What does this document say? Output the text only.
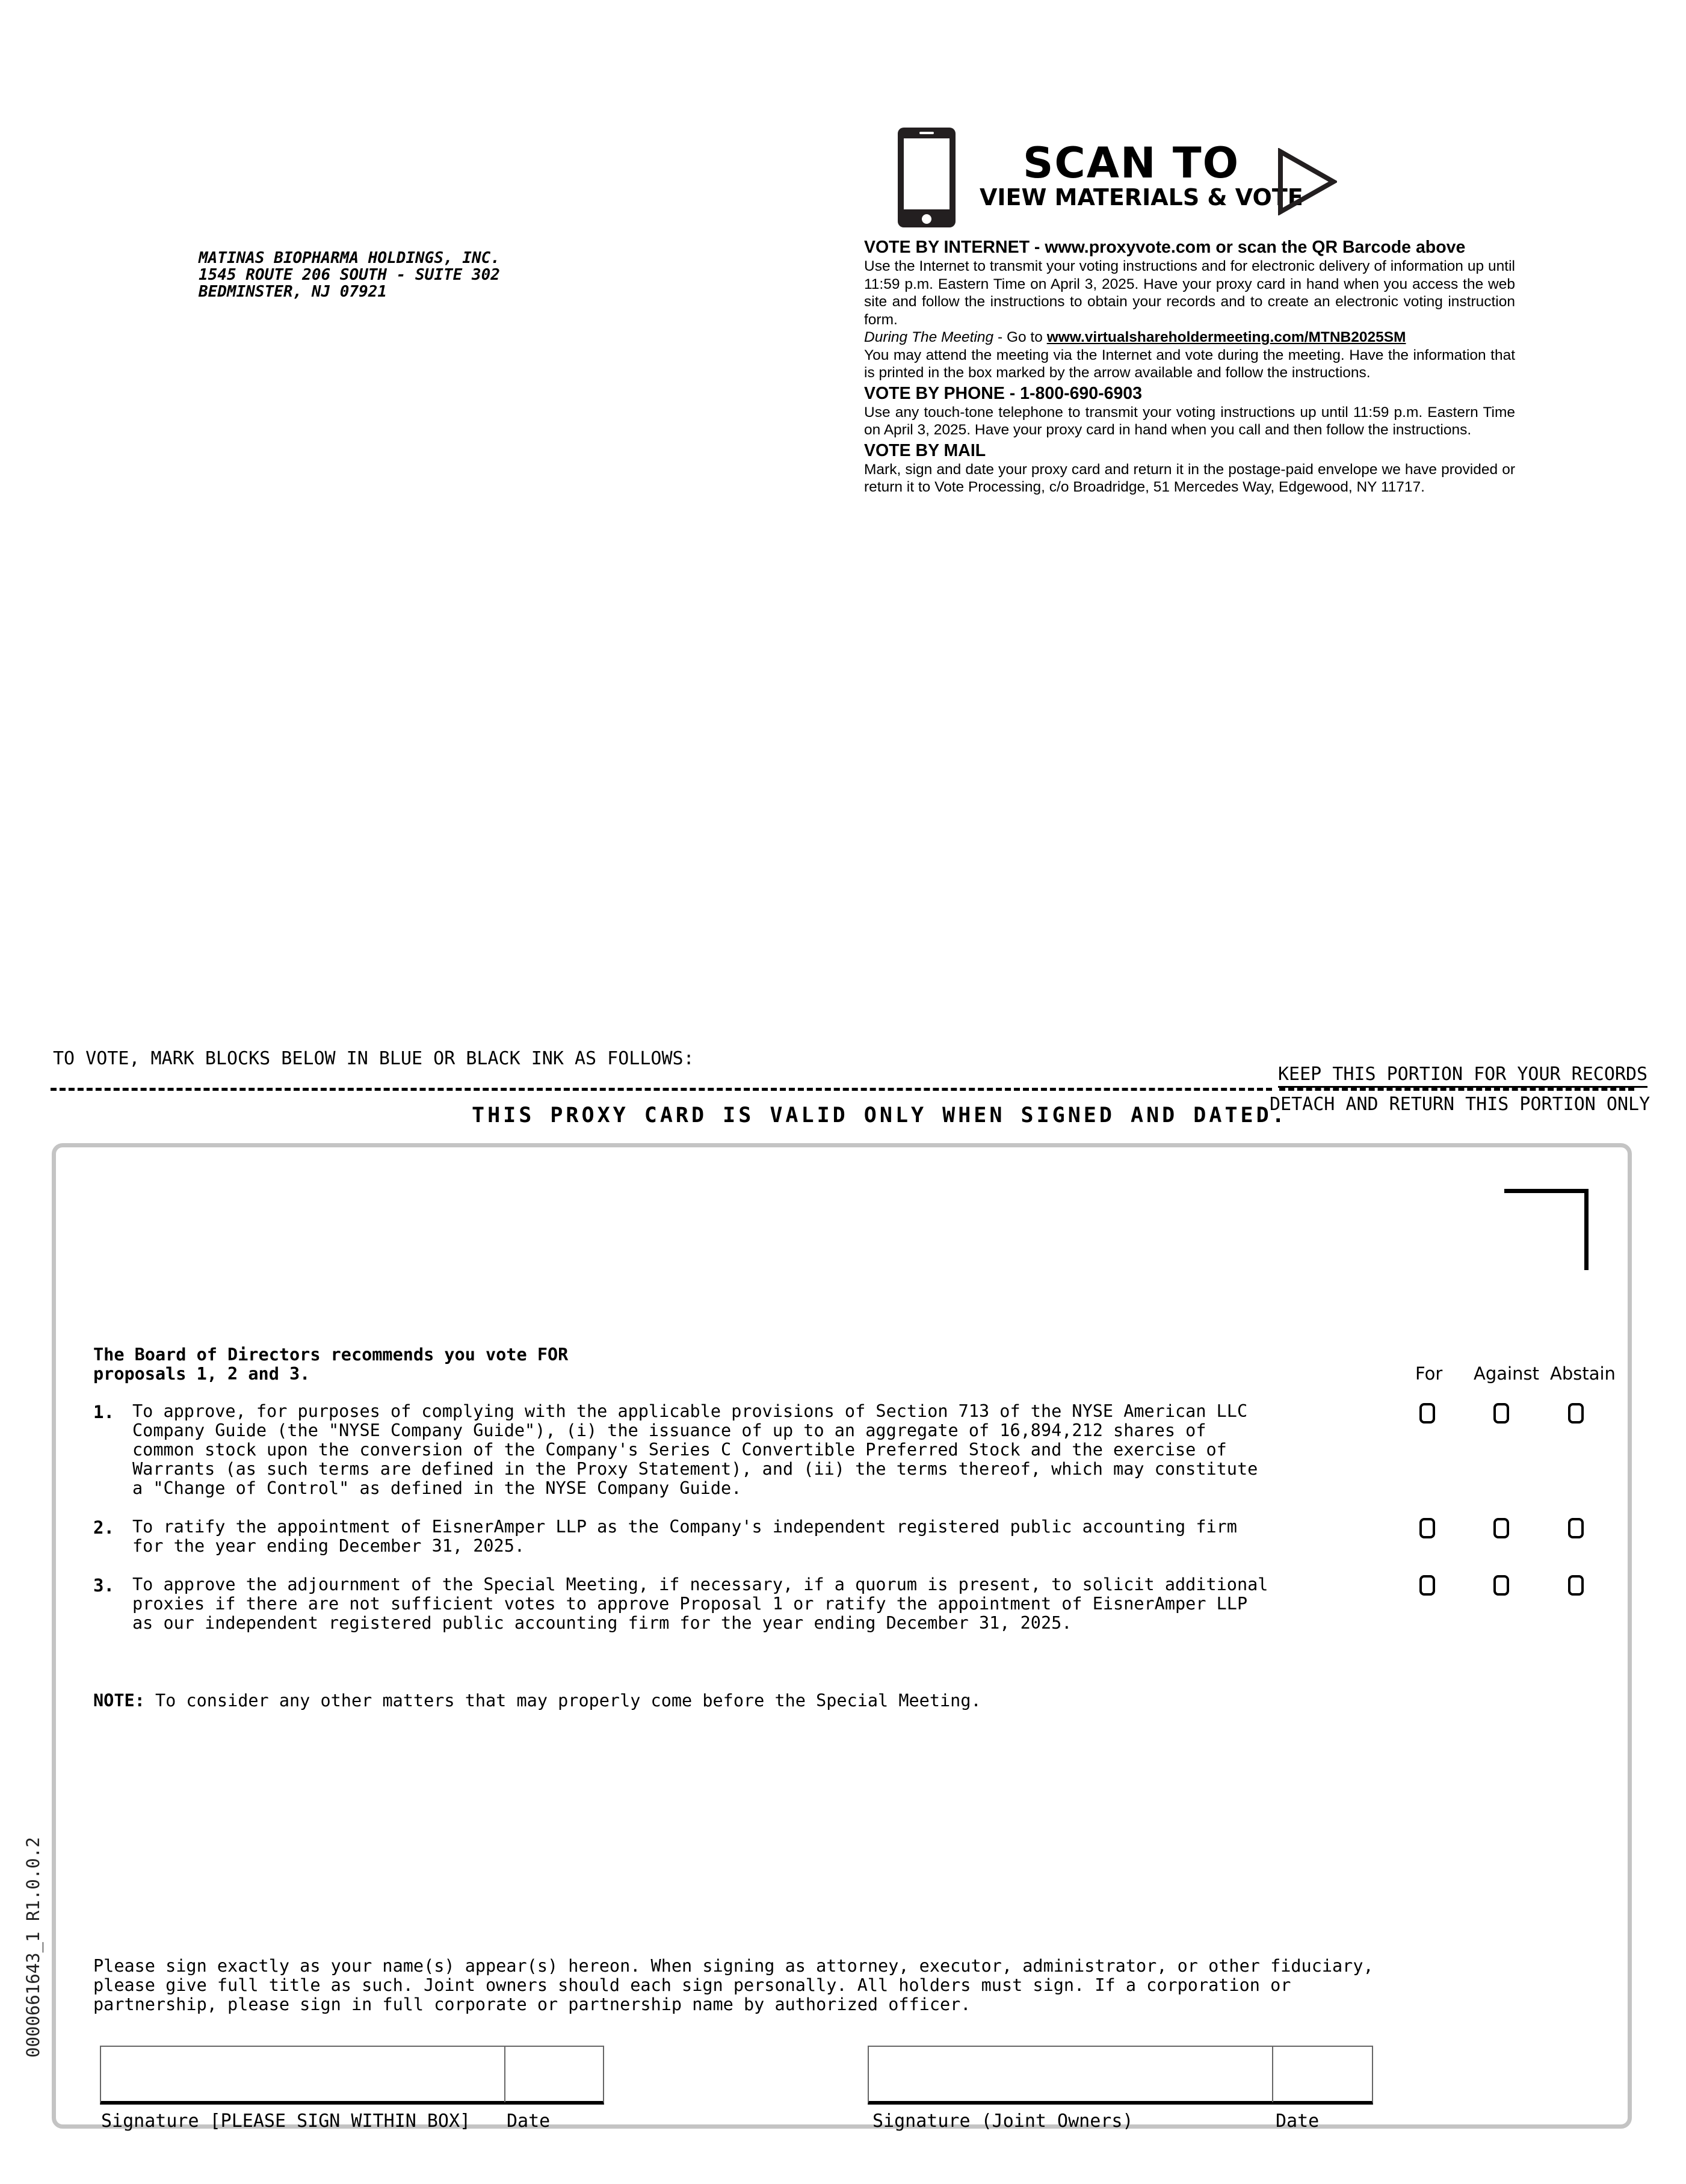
MATINAS BIOPHARMA HOLDINGS, INC.
1545 ROUTE 206 SOUTH - SUITE 302
BEDMINSTER, NJ 07921
SCAN TO
VIEW MATERIALS & VOTE
VOTE BY INTERNET - www.proxyvote.com or scan the QR Barcode above

Use the Internet to transmit your voting instructions and for electronic delivery of information up until 11:59 p.m. Eastern Time on April 3, 2025. Have your proxy card in hand when you access the web site and follow the instructions to obtain your records and to create an electronic voting instruction form.

During The Meeting - Go to www.virtualshareholdermeeting.com/MTNB2025SM

You may attend the meeting via the Internet and vote during the meeting. Have the information that is printed in the box marked by the arrow available and follow the instructions.

VOTE BY PHONE - 1-800-690-6903

Use any touch-tone telephone to transmit your voting instructions up until 11:59 p.m. Eastern Time on April 3, 2025. Have your proxy card in hand when you call and then follow the instructions.

VOTE BY MAIL

Mark, sign and date your proxy card and return it in the postage-paid envelope we have provided or return it to Vote Processing, c/o Broadridge, 51 Mercedes Way, Edgewood, NY 11717.

TO VOTE, MARK BLOCKS BELOW IN BLUE OR BLACK INK AS FOLLOWS:
KEEP THIS PORTION FOR YOUR RECORDS
DETACH AND RETURN THIS PORTION ONLY
THIS PROXY CARD IS VALID ONLY WHEN SIGNED AND DATED.
The Board of Directors recommends you vote FOR
proposals 1, 2 and 3.	For Against Abstain
1. To approve, for purposes of complying with the applicable provisions of Section 713 of the NYSE American LLC
Company Guide (the "NYSE Company Guide"), (i) the issuance of up to an aggregate of 16,894,212 shares of
common stock upon the conversion of the Company's Series C Convertible Preferred Stock and the exercise of
Warrants (as such terms are defined in the Proxy Statement), and (ii) the terms thereof, which may constitute
a "Change of Control" as defined in the NYSE Company Guide.
2. To ratify the appointment of EisnerAmper LLP as the Company's independent registered public accounting firm
for the year ending December 31, 2025.
3. To approve the adjournment of the Special Meeting, if necessary, if a quorum is present, to solicit additional
proxies if there are not sufficient votes to approve Proposal 1 or ratify the appointment of EisnerAmper LLP
as our independent registered public accounting firm for the year ending December 31, 2025.
NOTE: To consider any other matters that may properly come before the Special Meeting.
0000661643_1 R1.0.0.2	Please sign exactly as your name(s) appear(s) hereon. When signing as attorney, executor, administrator, or other fiduciary,
please give full title as such. Joint owners should each sign personally. All holders must sign. If a corporation or
partnership, please sign in full corporate or partnership name by authorized officer.
Signature [PLEASE SIGN WITHIN BOX] Date	Signature (Joint Owners)	Date
